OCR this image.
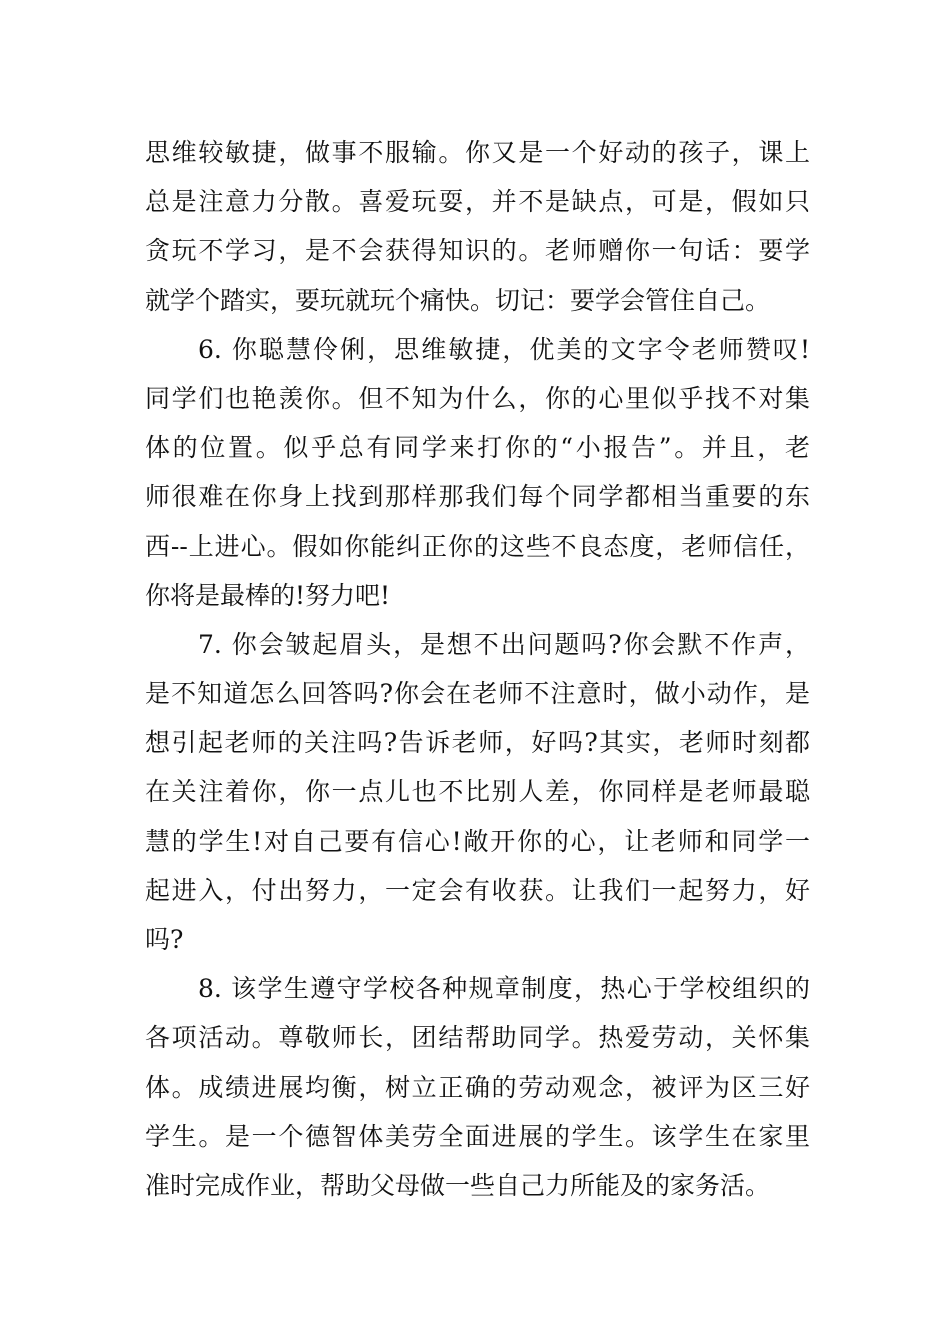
思维较敏捷，做事不服输。你又是一个好动的孩子，课上
总是注意力分散。喜爱玩耍，并不是缺点，可是，假如只
贪玩不学习，是不会获得知识的。老师赠你一句话：要学
就学个踏实，要玩就玩个痛快。切记：要学会管住自己。
6. 你聪慧伶俐，思维敏捷，优美的文字令老师赞叹!
同学们也艳羡你。但不知为什么，你的心里似乎找不对集
体的位置。似乎总有同学来打你的“小报告”。并且，老
师很难在你身上找到那样那我们每个同学都相当重要的东
西--上进心。假如你能纠正你的这些不良态度，老师信任，
你将是最棒的!努力吧!
7. 你会皱起眉头，是想不出问题吗?你会默不作声，
是不知道怎么回答吗?你会在老师不注意时，做小动作，是
想引起老师的关注吗?告诉老师，好吗?其实，老师时刻都
在关注着你，你一点儿也不比别人差，你同样是老师最聪
慧的学生!对自己要有信心!敞开你的心，让老师和同学一
起进入，付出努力，一定会有收获。让我们一起努力，好
吗?
8. 该学生遵守学校各种规章制度，热心于学校组织的
各项活动。尊敬师长，团结帮助同学。热爱劳动，关怀集
体。成绩进展均衡，树立正确的劳动观念，被评为区三好
学生。是一个德智体美劳全面进展的学生。该学生在家里
准时完成作业，帮助父母做一些自己力所能及的家务活。
